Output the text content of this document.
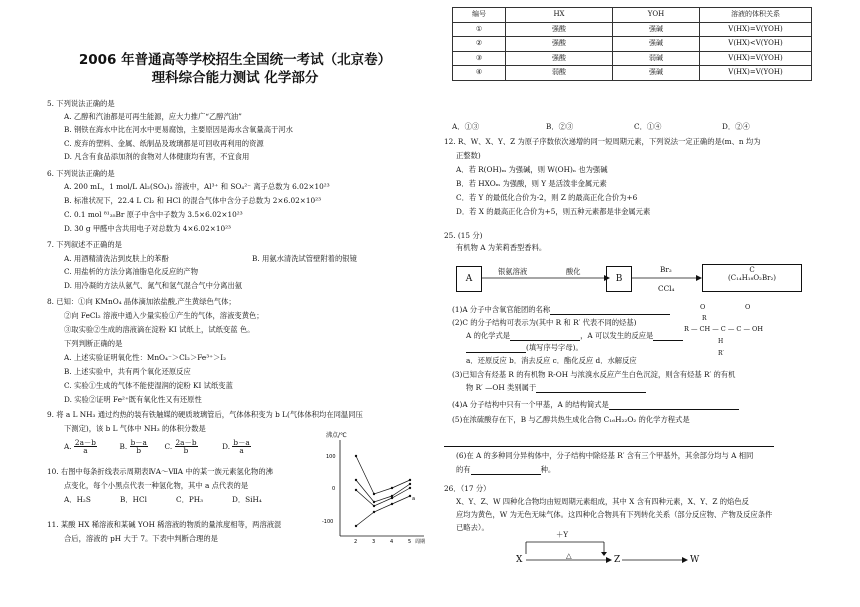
2006 年普通高等学校招生全国统一考试（北京卷）
理科综合能力测试 化学部分
5. 下列说法正确的是
A. 乙醇和汽油都是可再生能源，应大力推广“乙醇汽油”
B. 钢铁在海水中比在河水中更易腐蚀，主要原因是海水含氧量高于河水
C. 废弃的塑料、金属、纸制品及玻璃都是可回收再利用的资源
D. 凡含有食品添加剂的食物对人体健康均有害，不宜食用
6. 下列说法正确的是
A. 200 mL，1 mol/L Al₂(SO₄)₃ 溶液中，Al³⁺ 和 SO₄²⁻ 离子总数为 6.02×10²³
B. 标准状况下，22.4 L Cl₂ 和 HCl 的混合气体中含分子总数为 2×6.02×10²³
C. 0.1 mol ⁸¹₃₅Br 原子中含中子数为 3.5×6.02×10²³
D. 30 g 甲醛中含共用电子对总数为 4×6.02×10²³
7. 下列叙述不正确的是
A. 用酒精清洗沾到皮肤上的苯酚	B. 用氨水清洗试管壁附着的银镜
C. 用盐析的方法分离油脂皂化反应的产物
D. 用冷凝的方法从氨气、氮气和氢气混合气中分离出氨
8. 已知：①向 KMnO₄ 晶体滴加浓盐酸,产生黄绿色气体；
②向 FeCl₂ 溶液中通入少量实验①产生的气体，溶液变黄色；
③取实验②生成的溶液滴在淀粉 KI 试纸上，试纸变蓝 色。
下列判断正确的是
A. 上述实验证明氧化性：MnO₄⁻＞Cl₂＞Fe³⁺＞I₂
B. 上述实验中，共有两个氧化还原反应
C. 实验①生成的气体不能使湿润的淀粉 KI 试纸变蓝
D. 实验②证明 Fe²⁺既有氧化性又有还原性
9. 将 a L NH₃ 通过灼热的装有铁触媒的硬质玻璃管后，气体体积变为 b L(气体体积均在同温同压
下测定)，该 b L 气体中 NH₃ 的体积分数是
A. $\frac{2a-b}{a}$	B. $\frac{b-a}{b} C$. $\frac{2a-b}{b}$	D. $\frac{b-a}{a}$
10. 右图中每条折线表示周期表ⅣA～ⅦA 中的某一族元素氢化物的沸
点变化，每个小黑点代表一种氢化物，其中 a 点代表的是
A．H₂S	B．HCl	C．PH₃	D．SiH₄
11. 某酸 HX 稀溶液和某碱 YOH 稀溶液的物质的量浓度相等，两溶液混
合后，溶液的 pH 大于 7。下表中判断合理的是
沸点/℃
100
0
-100
2	3	4	5 周期
a
编号	HX	YOH	溶液的体积关系
①	强酸	强碱	V(HX)=V(YOH)
②	强酸	强碱	V(HX)<V(YOH)
③	强酸	弱碱	V(HX)=V(YOH)
④	弱酸	强碱	V(HX)=V(YOH)
A．①③	B．②③	C．①④	D．②④
12. R、W、X、Y、Z 为原子序数依次递增的同一短周期元素，下列说法一定正确的是(m、n 均为
正整数)
A．若 R(OH)ₘ 为强碱，则 W(OH)ₙ 也为强碱
B．若 HXOₘ 为强酸，则 Y 是活泼非金属元素
C．若 Y 的最低化合价为-2，则 Z 的最高正化合价为+6
D．若 X 的最高正化合价为+5，则五种元素都是非金属元素
25. (15 分)
有机物 A 为茉莉香型香料。
A	B
C
(C₁₄H₁₈O₂Br₂)
银氨溶液	酸化	Br₂
CCl₄
(1)A 分子中含氧官能团的名称
(2)C 的分子结构可表示为(其中 R 和 R′ 代表不同的烃基)
A 的化学式是	，A 可以发生的反应是
(填写序号字母)。
a．还原反应 b．消去反应 c．酯化反应 d．水解反应
O	O
R — CH — C — C — OH
R
H
R′
(3)已知含有烃基 R 的有机物 R-OH 与浓溴水反应产生白色沉淀，则含有烃基 R′ 的有机
物 R′ —OH 类别属于
(4)A 分子结构中只有一个甲基，A 的结构简式是
(5)在浓硫酸存在下，B 与乙醇共热生成化合物 C₁₆H₂₂O₂ 的化学方程式是

(6)在 A 的多种同分异构体中，分子结构中除烃基 R′ 含有三个甲基外，其余部分均与 A 相同
的有	种。
26．（17 分）
X、Y、Z、W 四种化合物均由短周期元素组成，其中 X 含有四种元素，X、Y、Z 的焰色反
应均为黄色，W 为无色无味气体。这四种化合物具有下列转化关系（部分反应物、产物及反应条件
已略去）。
X	Z	W
＋Y
△
